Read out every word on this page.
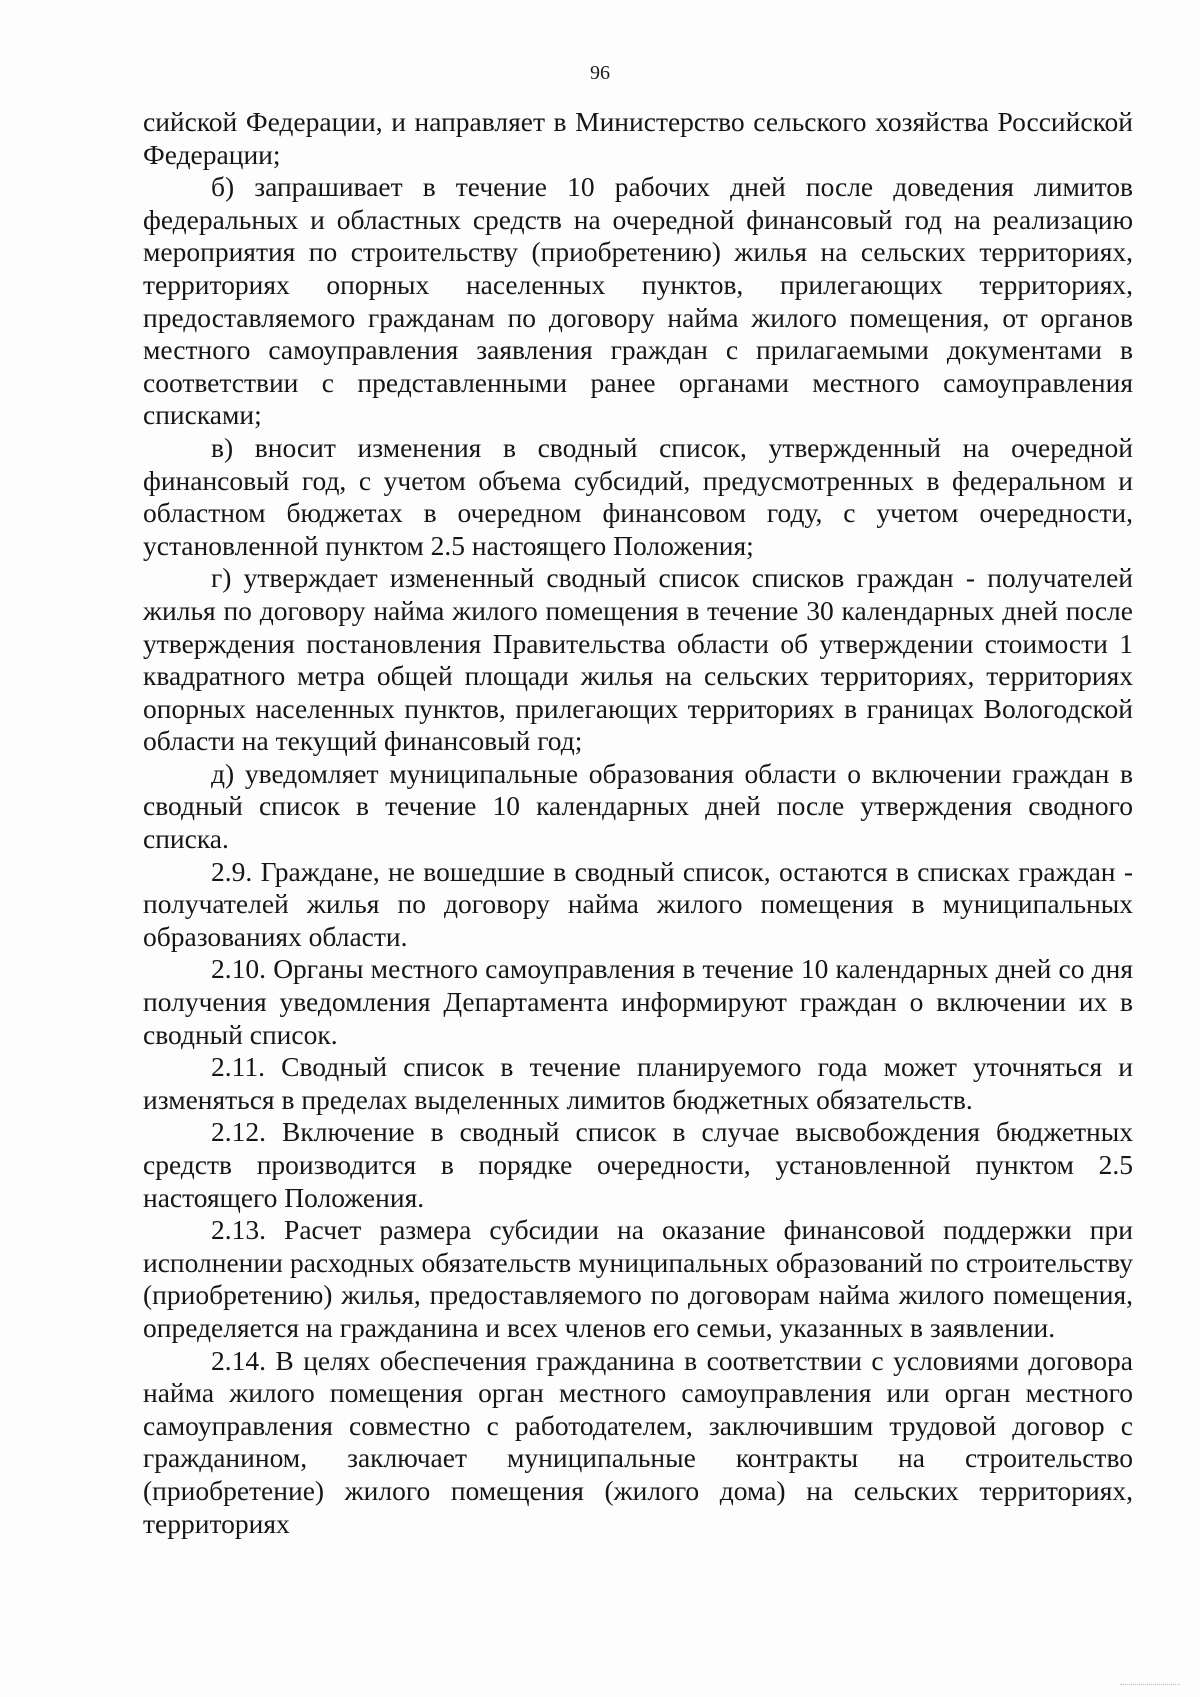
96

сийской Федерации, и направляет в Министерство сельского хозяйства Российской Федерации;

б) запрашивает в течение 10 рабочих дней после доведения лимитов федеральных и областных средств на очередной финансовый год на реализацию мероприятия по строительству (приобретению) жилья на сельских территориях, территориях опорных населенных пунктов, прилегающих территориях, предоставляемого гражданам по договору найма жилого помещения, от органов местного самоуправления заявления граждан с прилагаемыми документами в соответствии с представленными ранее органами местного самоуправления списками;

в) вносит изменения в сводный список, утвержденный на очередной финансовый год, с учетом объема субсидий, предусмотренных в федеральном и областном бюджетах в очередном финансовом году, с учетом очередности, установленной пунктом 2.5 настоящего Положения;

г) утверждает измененный сводный список списков граждан - получателей жилья по договору найма жилого помещения в течение 30 календарных дней после утверждения постановления Правительства области об утверждении стоимости 1 квадратного метра общей площади жилья на сельских территориях, территориях опорных населенных пунктов, прилегающих территориях в границах Вологодской области на текущий финансовый год;

д) уведомляет муниципальные образования области о включении граждан в сводный список в течение 10 календарных дней после утверждения сводного списка.

2.9. Граждане, не вошедшие в сводный список, остаются в списках граждан - получателей жилья по договору найма жилого помещения в муниципальных образованиях области.

2.10. Органы местного самоуправления в течение 10 календарных дней со дня получения уведомления Департамента информируют граждан о включении их в сводный список.

2.11. Сводный список в течение планируемого года может уточняться и изменяться в пределах выделенных лимитов бюджетных обязательств.

2.12. Включение в сводный список в случае высвобождения бюджетных средств производится в порядке очередности, установленной пунктом 2.5 настоящего Положения.

2.13. Расчет размера субсидии на оказание финансовой поддержки при исполнении расходных обязательств муниципальных образований по строительству (приобретению) жилья, предоставляемого по договорам найма жилого помещения, определяется на гражданина и всех членов его семьи, указанных в заявлении.

2.14. В целях обеспечения гражданина в соответствии с условиями договора найма жилого помещения орган местного самоуправления или орган местного самоуправления совместно с работодателем, заключившим трудовой договор с гражданином, заключает муниципальные контракты на строительство (приобретение) жилого помещения (жилого дома) на сельских территориях, территориях
